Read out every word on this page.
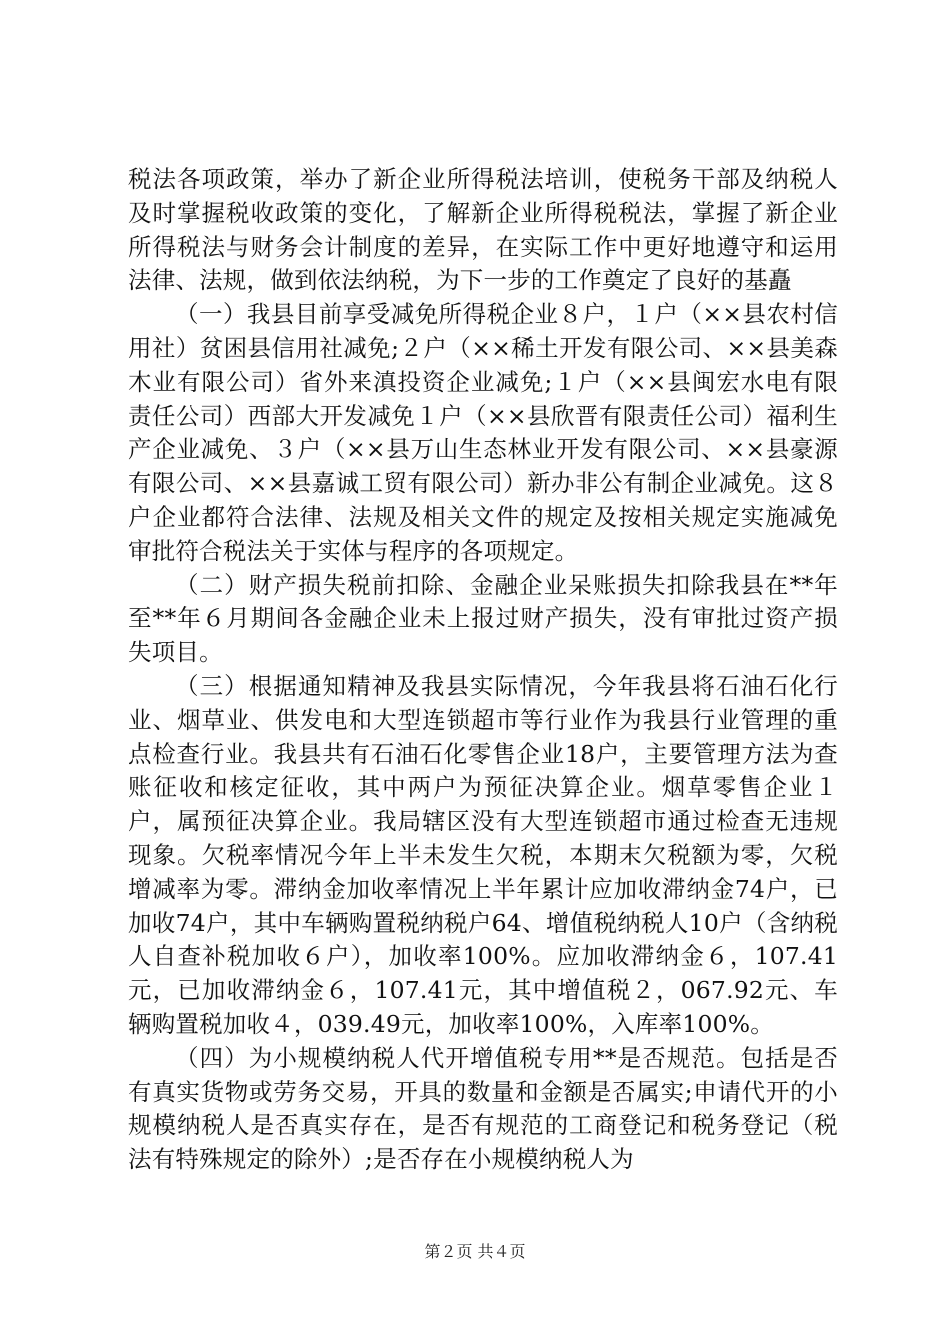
税法各项政策，举办了新企业所得税法培训，使税务干部及纳税人及时掌握税收政策的变化，了解新企业所得税税法，掌握了新企业所得税法与财务会计制度的差异，在实际工作中更好地遵守和运用法律、法规，做到依法纳税，为下一步的工作奠定了良好的基矗

（一）我县目前享受减免所得税企业８户，１户（××县农村信用社）贫困县信用社减免;２户（××稀土开发有限公司、××县美森木业有限公司）省外来滇投资企业减免;１户（××县闽宏水电有限责任公司）西部大开发减免１户（××县欣晋有限责任公司）福利生产企业减免、３户（××县万山生态林业开发有限公司、××县豪源有限公司、××县嘉诚工贸有限公司）新办非公有制企业减免。这８户企业都符合法律、法规及相关文件的规定及按相关规定实施减免审批符合税法关于实体与程序的各项规定。

（二）财产损失税前扣除、金融企业呆账损失扣除我县在**年至**年６月期间各金融企业未上报过财产损失，没有审批过资产损失项目。

（三）根据通知精神及我县实际情况，今年我县将石油石化行业、烟草业、供发电和大型连锁超市等行业作为我县行业管理的重点检查行业。我县共有石油石化零售企业18户，主要管理方法为查账征收和核定征收，其中两户为预征决算企业。烟草零售企业１户，属预征决算企业。我局辖区没有大型连锁超市通过检查无违规现象。欠税率情况今年上半未发生欠税，本期末欠税额为零，欠税增减率为零。滞纳金加收率情况上半年累计应加收滞纳金74户，已加收74户，其中车辆购置税纳税户64、增值税纳税人10户（含纳税人自查补税加收６户），加收率100%。应加收滞纳金６，107.41元，已加收滞纳金６，107.41元，其中增值税２，067.92元、车辆购置税加收４，039.49元，加收率100%，入库率100%。

（四）为小规模纳税人代开增值税专用**是否规范。包括是否有真实货物或劳务交易，开具的数量和金额是否属实;申请代开的小规模纳税人是否真实存在，是否有规范的工商登记和税务登记（税法有特殊规定的除外）;是否存在小规模纳税人为

第２页 共４页
